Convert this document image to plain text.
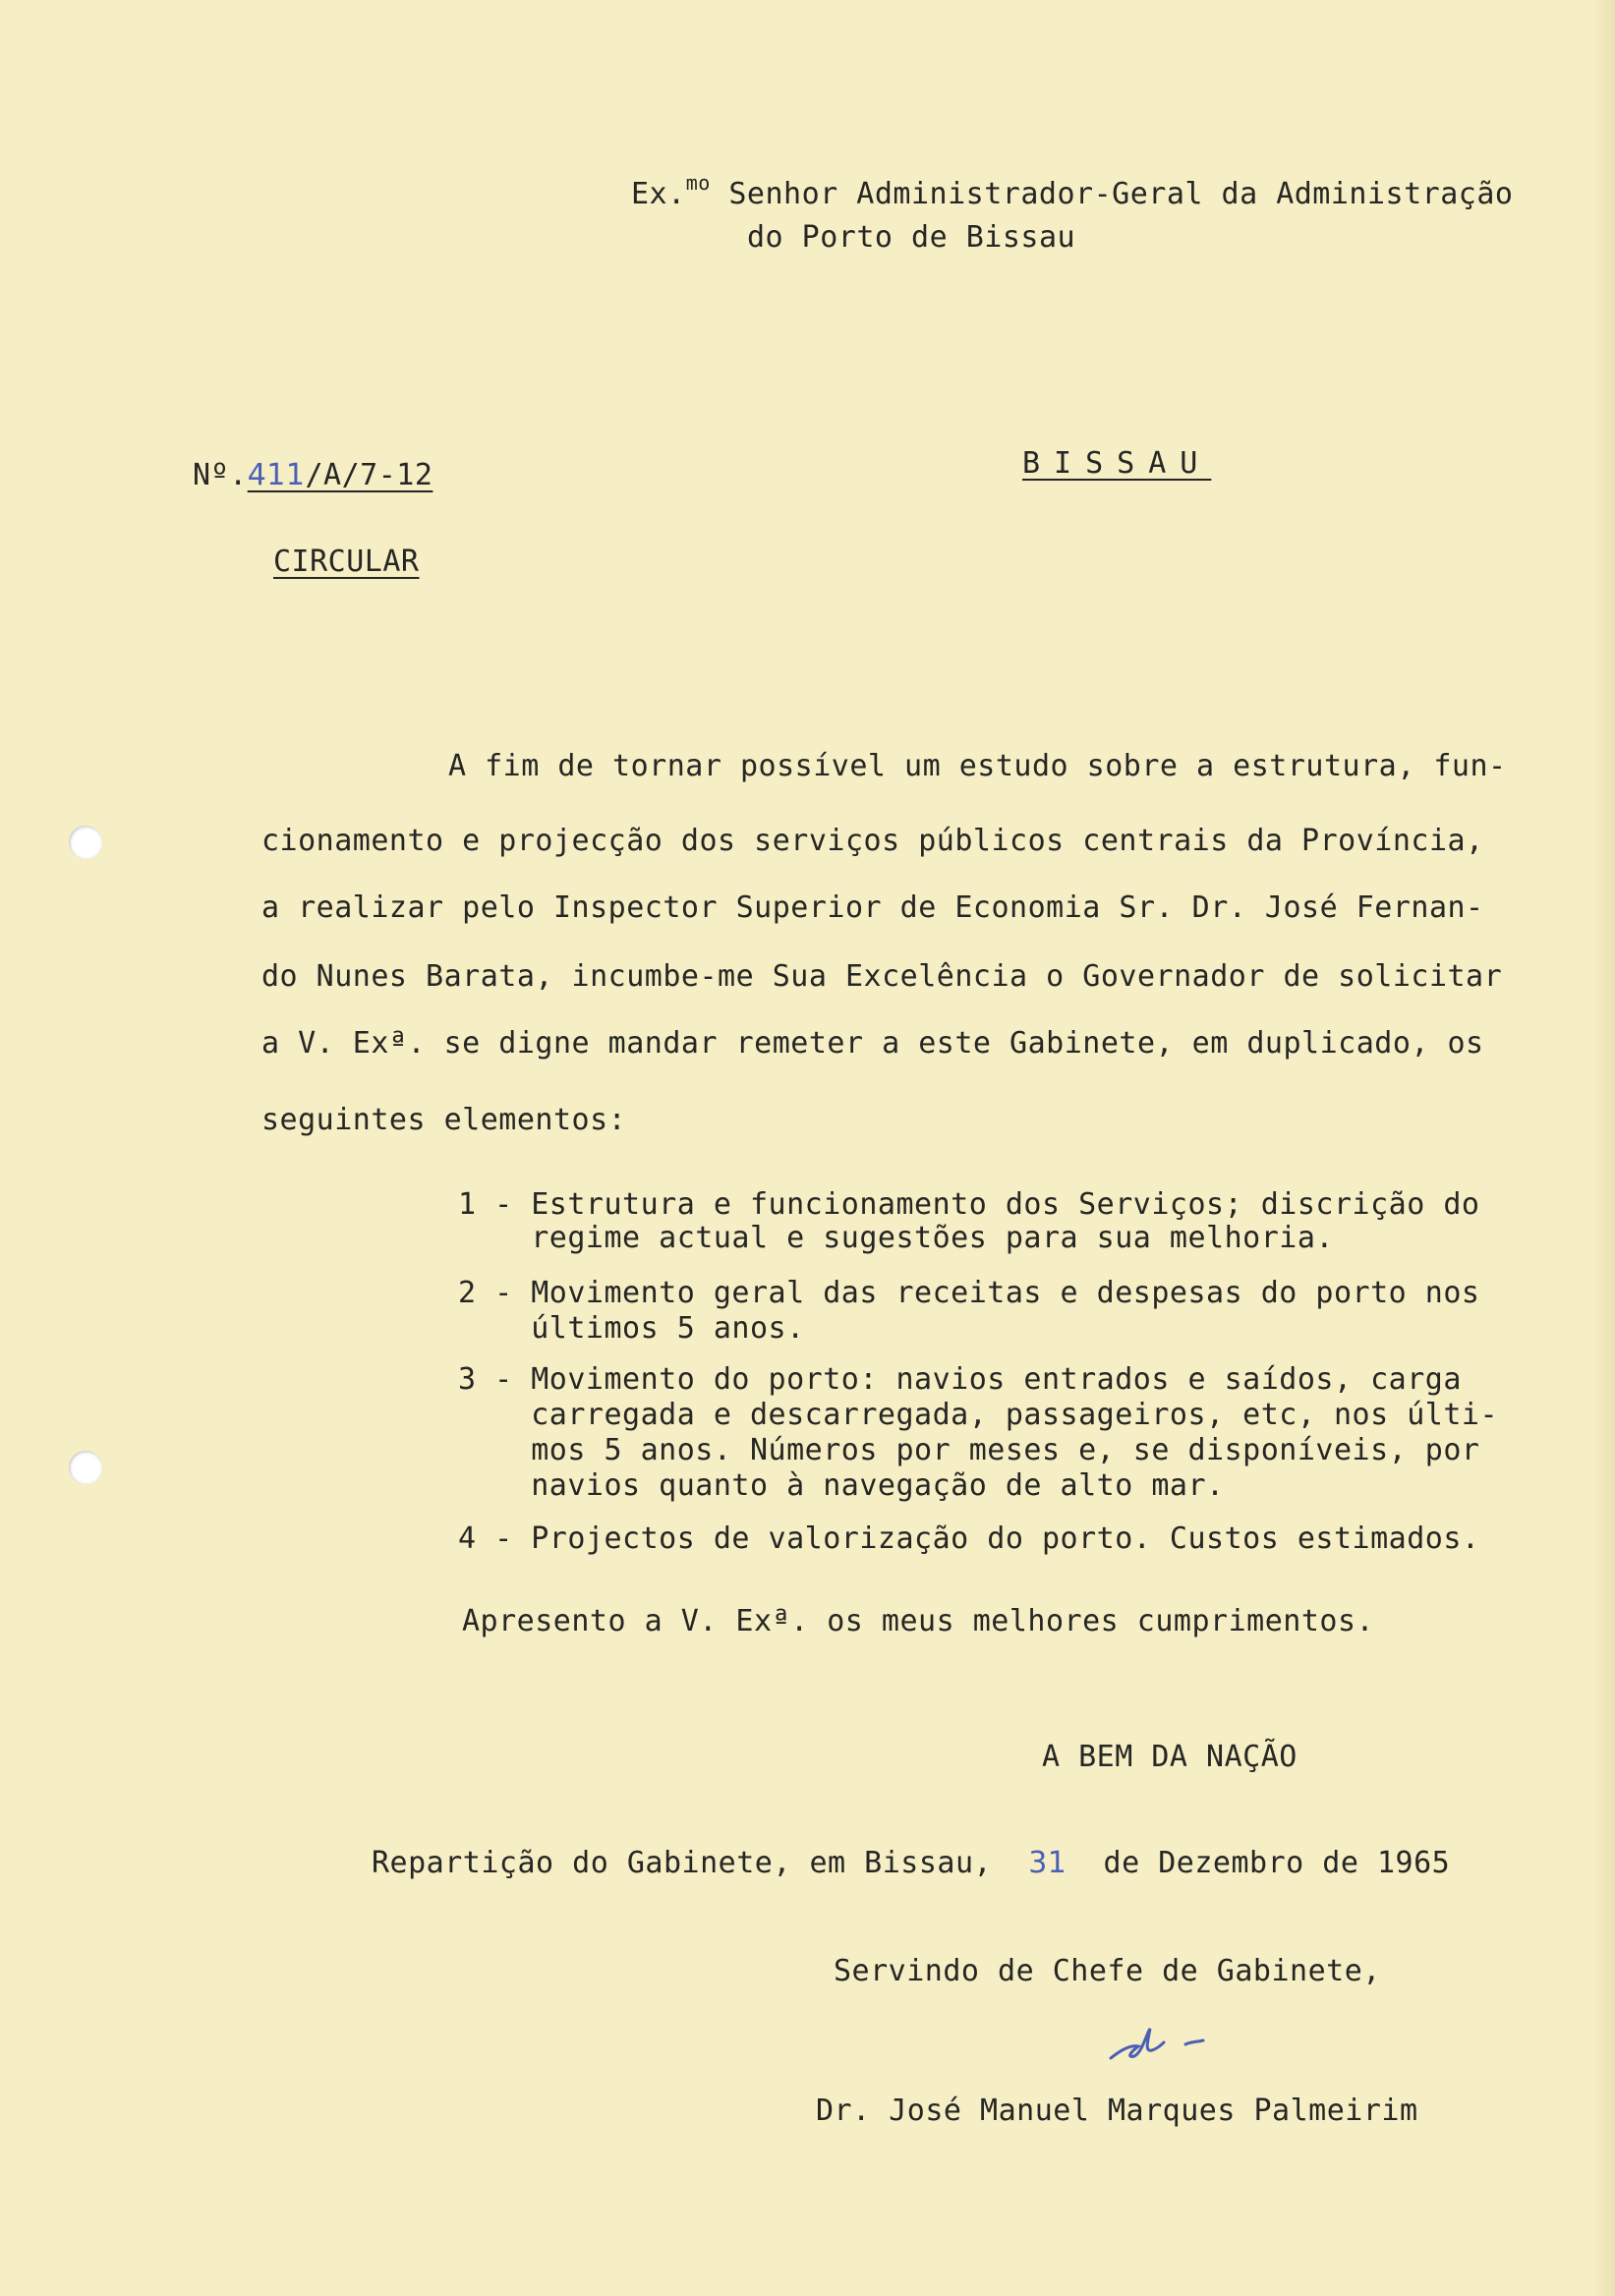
Ex.$^{mo}$ Senhor Administrador-Geral da Administração
do Porto de Bissau
Nº.411/A/7-12	BISSAU
CIRCULAR
A fim de tornar possível um estudo sobre a estrutura, fun-
cionamento e projecção dos serviços públicos centrais da Província,
a realizar pelo Inspector Superior de Economia Sr. Dr. José Fernan-
do Nunes Barata, incumbe-me Sua Excelência o Governador de solicitar
a V. Exª. se digne mandar remeter a este Gabinete, em duplicado, os
seguintes elementos:
1 - Estrutura e funcionamento dos Serviços; discrição do
regime actual e sugestões para sua melhoria.
2 - Movimento geral das receitas e despesas do porto nos
últimos 5 anos.
3 - Movimento do porto: navios entrados e saídos, carga
carregada e descarregada, passageiros, etc, nos últi-
mos 5 anos. Números por meses e, se disponíveis, por
navios quanto à navegação de alto mar.
4 - Projectos de valorização do porto. Custos estimados.
Apresento a V. Exª. os meus melhores cumprimentos.
A BEM DA NAÇÃO
Repartição do Gabinete, em Bissau, 31 de Dezembro de 1965
Servindo de Chefe de Gabinete,
Dr. José Manuel Marques Palmeirim
